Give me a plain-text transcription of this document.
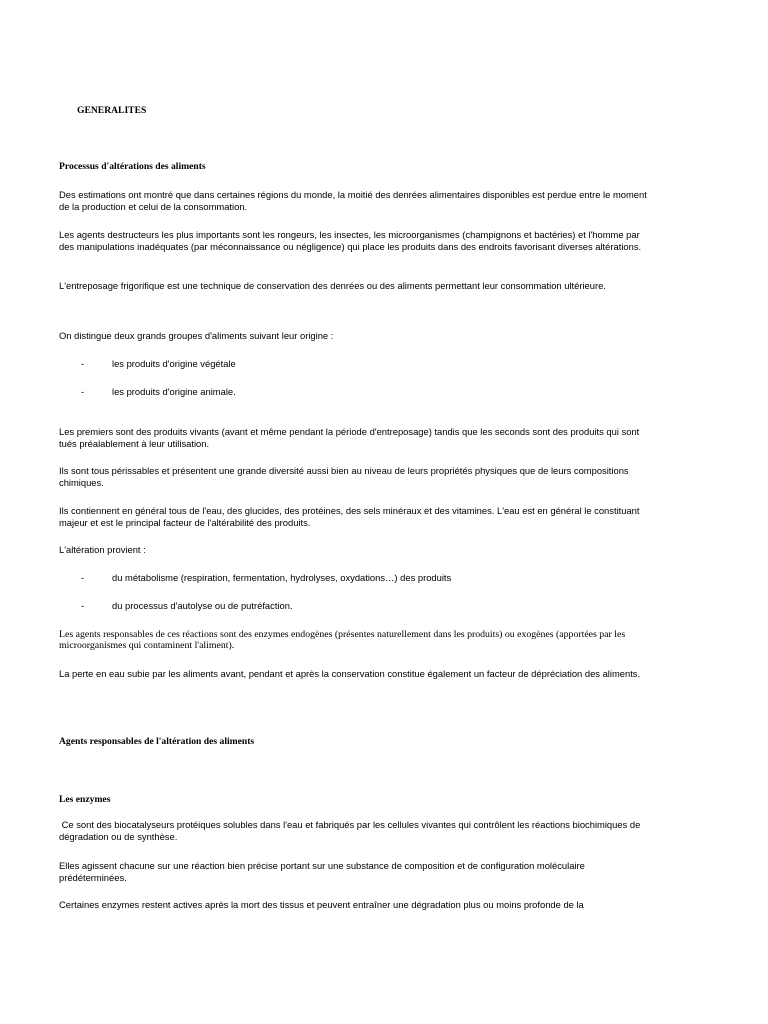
GENERALITES

Processus d'altérations des aliments

Des estimations ont montré que dans certaines régions du monde, la moitié des denrées alimentaires disponibles est perdue entre le moment de la production et celui de la consommation.

Les agents destructeurs les plus importants sont les rongeurs, les insectes, les microorganismes (champignons et bactéries) et l'homme par des manipulations inadéquates (par méconnaissance ou négligence) qui place les produits dans des endroits favorisant diverses altérations.

L'entreposage frigorifique est une technique de conservation des denrées ou des aliments permettant leur consommation ultérieure.

On distingue deux grands groupes d'aliments suivant leur origine :

-	les produits d'origine végétale
-	les produits d'origine animale.

Les premiers sont des produits vivants (avant et même pendant la période d'entreposage) tandis que les seconds sont des produits qui sont tués préalablement à leur utilisation.

Ils sont tous périssables et présentent une grande diversité aussi bien au niveau de leurs propriétés physiques que de leurs compositions chimiques.

Ils contiennent en général tous de l'eau, des glucides, des protéines, des sels minéraux et des vitamines. L'eau est en général le constituant majeur et est le principal facteur de l'altérabilité des produits.

L'altération provient :

-	du métabolisme (respiration, fermentation, hydrolyses, oxydations…) des produits
-	du processus d'autolyse ou de putréfaction.

Les agents responsables de ces réactions sont des enzymes endogènes (présentes naturellement dans les produits) ou exogènes (apportées par les microorganismes qui contaminent l'aliment).

La perte en eau subie par les aliments avant, pendant et après la conservation constitue également un facteur de dépréciation des aliments.

Agents responsables de l'altération des aliments

Les enzymes

Ce sont des biocatalyseurs protéiques solubles dans l'eau et fabriqués par les cellules vivantes qui contrôlent les réactions biochimiques de dégradation ou de synthèse.

Elles agissent chacune sur une réaction bien précise portant sur une substance de composition et de configuration moléculaire prédéterminées.

Certaines enzymes restent actives après la mort des tissus et peuvent entraîner une dégradation plus ou moins profonde de la
